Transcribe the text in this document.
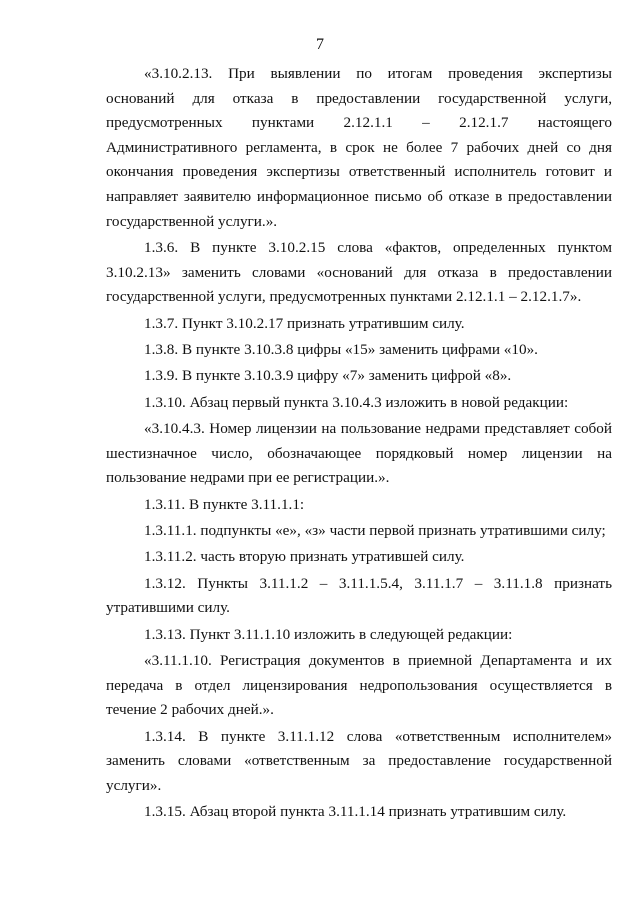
7

«3.10.2.13. При выявлении по итогам проведения экспертизы оснований для отказа в предоставлении государственной услуги, предусмотренных пунктами 2.12.1.1 – 2.12.1.7 настоящего Административного регламента, в срок не более 7 рабочих дней со дня окончания проведения экспертизы ответственный исполнитель готовит и направляет заявителю информационное письмо об отказе в предоставлении государственной услуги.».

1.3.6. В пункте 3.10.2.15 слова «фактов, определенных пунктом 3.10.2.13» заменить словами «оснований для отказа в предоставлении государственной услуги, предусмотренных пунктами 2.12.1.1 – 2.12.1.7».

1.3.7. Пункт 3.10.2.17 признать утратившим силу.

1.3.8. В пункте 3.10.3.8 цифры «15» заменить цифрами «10».

1.3.9. В пункте 3.10.3.9 цифру «7» заменить цифрой «8».

1.3.10. Абзац первый пункта 3.10.4.3 изложить в новой редакции:

«3.10.4.3. Номер лицензии на пользование недрами представляет собой шестизначное число, обозначающее порядковый номер лицензии на пользование недрами при ее регистрации.».

1.3.11. В пункте 3.11.1.1:

1.3.11.1. подпункты «е», «з» части первой признать утратившими силу;

1.3.11.2. часть вторую признать утратившей силу.

1.3.12. Пункты 3.11.1.2 – 3.11.1.5.4, 3.11.1.7 – 3.11.1.8 признать утратившими силу.

1.3.13. Пункт 3.11.1.10 изложить в следующей редакции:

«3.11.1.10. Регистрация документов в приемной Департамента и их передача в отдел лицензирования недропользования осуществляется в течение 2 рабочих дней.».

1.3.14. В пункте 3.11.1.12 слова «ответственным исполнителем» заменить словами «ответственным за предоставление государственной услуги».

1.3.15. Абзац второй пункта 3.11.1.14 признать утратившим силу.
